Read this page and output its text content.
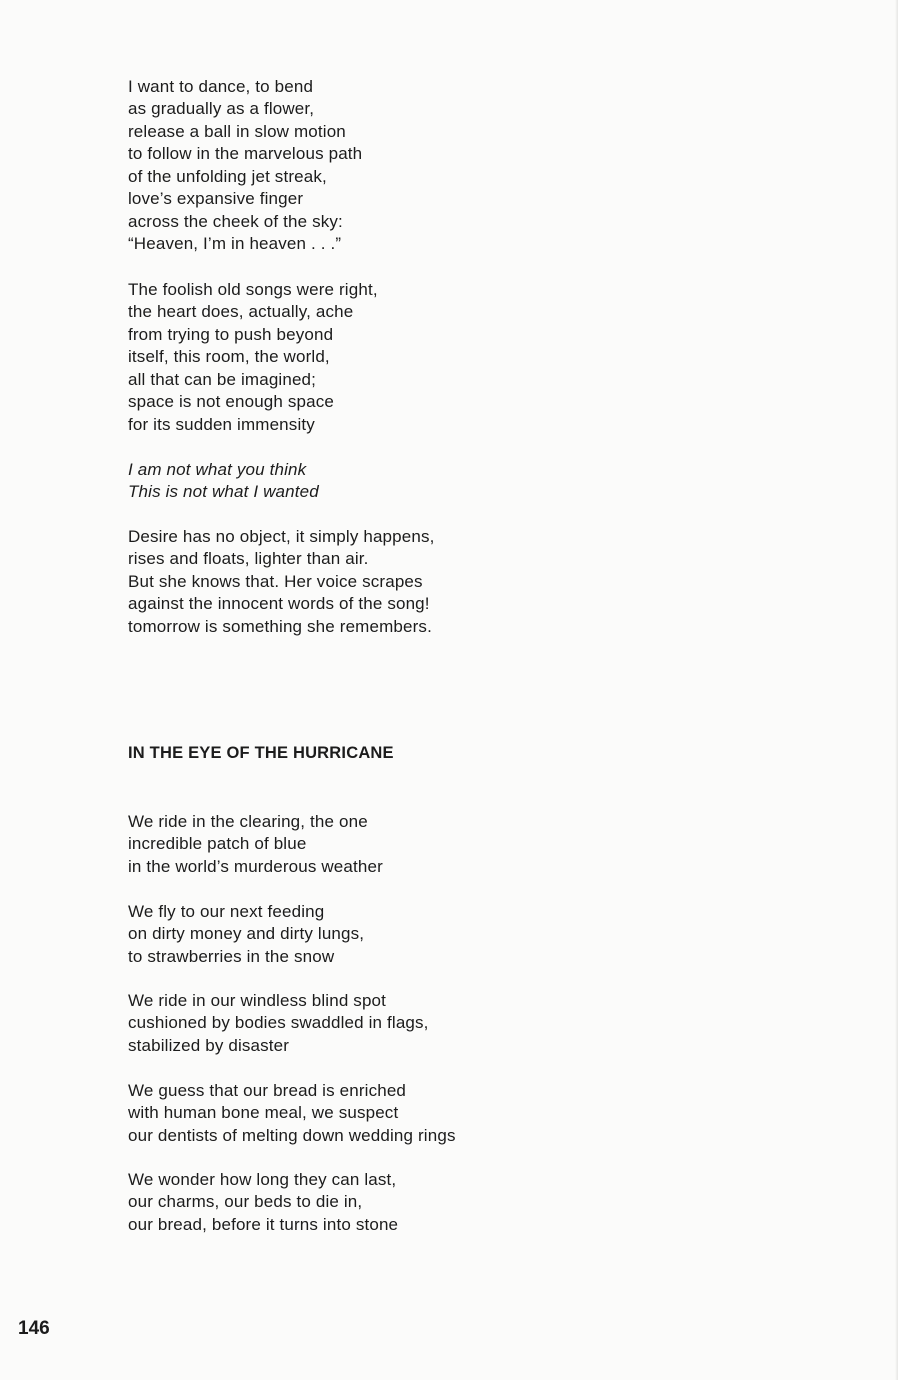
I want to dance, to bend
as gradually as a flower,
release a ball in slow motion
to follow in the marvelous path
of the unfolding jet streak,
love’s expansive finger
across the cheek of the sky:
“Heaven, I’m in heaven . . .”
The foolish old songs were right,
the heart does, actually, ache
from trying to push beyond
itself, this room, the world,
all that can be imagined;
space is not enough space
for its sudden immensity
I am not what you think
This is not what I wanted
Desire has no object, it simply happens,
rises and floats, lighter than air.
But she knows that. Her voice scrapes
against the innocent words of the song!
tomorrow is something she remembers.
IN THE EYE OF THE HURRICANE
We ride in the clearing, the one
incredible patch of blue
in the world’s murderous weather
We fly to our next feeding
on dirty money and dirty lungs,
to strawberries in the snow
We ride in our windless blind spot
cushioned by bodies swaddled in flags,
stabilized by disaster
We guess that our bread is enriched
with human bone meal, we suspect
our dentists of melting down wedding rings
We wonder how long they can last,
our charms, our beds to die in,
our bread, before it turns into stone
146
